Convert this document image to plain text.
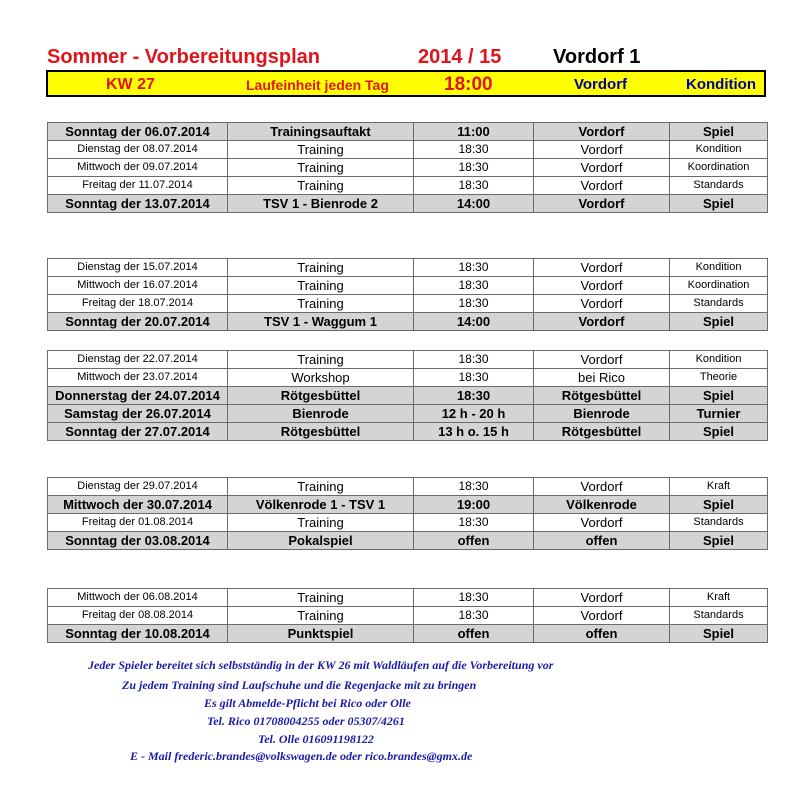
Sommer - Vorbereitungsplan	2014 / 15	Vordorf 1
KW 27	Laufeinheit jeden Tag	18:00	Vordorf	Kondition
Sonntag der 06.07.2014	Trainingsauftakt	11:00	Vordorf	Spiel
Dienstag der 08.07.2014	Training	18:30	Vordorf	Kondition
Mittwoch der 09.07.2014	Training	18:30	Vordorf	Koordination
Freitag der 11.07.2014	Training	18:30	Vordorf	Standards
Sonntag der 13.07.2014	TSV 1 - Bienrode 2	14:00	Vordorf	Spiel
Dienstag der 15.07.2014	Training	18:30	Vordorf	Kondition
Mittwoch der 16.07.2014	Training	18:30	Vordorf	Koordination
Freitag der 18.07.2014	Training	18:30	Vordorf	Standards
Sonntag der 20.07.2014	TSV 1 - Waggum 1	14:00	Vordorf	Spiel
Dienstag der 22.07.2014	Training	18:30	Vordorf	Kondition
Mittwoch der 23.07.2014	Workshop	18:30	bei Rico	Theorie
Donnerstag der 24.07.2014	Rötgesbüttel	18:30	Rötgesbüttel	Spiel
Samstag der 26.07.2014	Bienrode	12 h - 20 h	Bienrode	Turnier
Sonntag der 27.07.2014	Rötgesbüttel	13 h o. 15 h	Rötgesbüttel	Spiel
Dienstag der 29.07.2014	Training	18:30	Vordorf	Kraft
Mittwoch der 30.07.2014	Völkenrode 1 - TSV 1	19:00	Völkenrode	Spiel
Freitag der 01.08.2014	Training	18:30	Vordorf	Standards
Sonntag der 03.08.2014	Pokalspiel	offen	offen	Spiel
Mittwoch der 06.08.2014	Training	18:30	Vordorf	Kraft
Freitag der 08.08.2014	Training	18:30	Vordorf	Standards
Sonntag der 10.08.2014	Punktspiel	offen	offen	Spiel
Jeder Spieler bereitet sich selbstständig in der KW 26 mit Waldläufen auf die Vorbereitung vor
Zu jedem Training sind Laufschuhe und die Regenjacke mit zu bringen
Es gilt Abmelde-Pflicht bei Rico oder Olle
Tel. Rico 01708004255 oder 05307/4261
Tel. Olle 016091198122
E - Mail frederic.brandes@volkswagen.de oder rico.brandes@gmx.de
